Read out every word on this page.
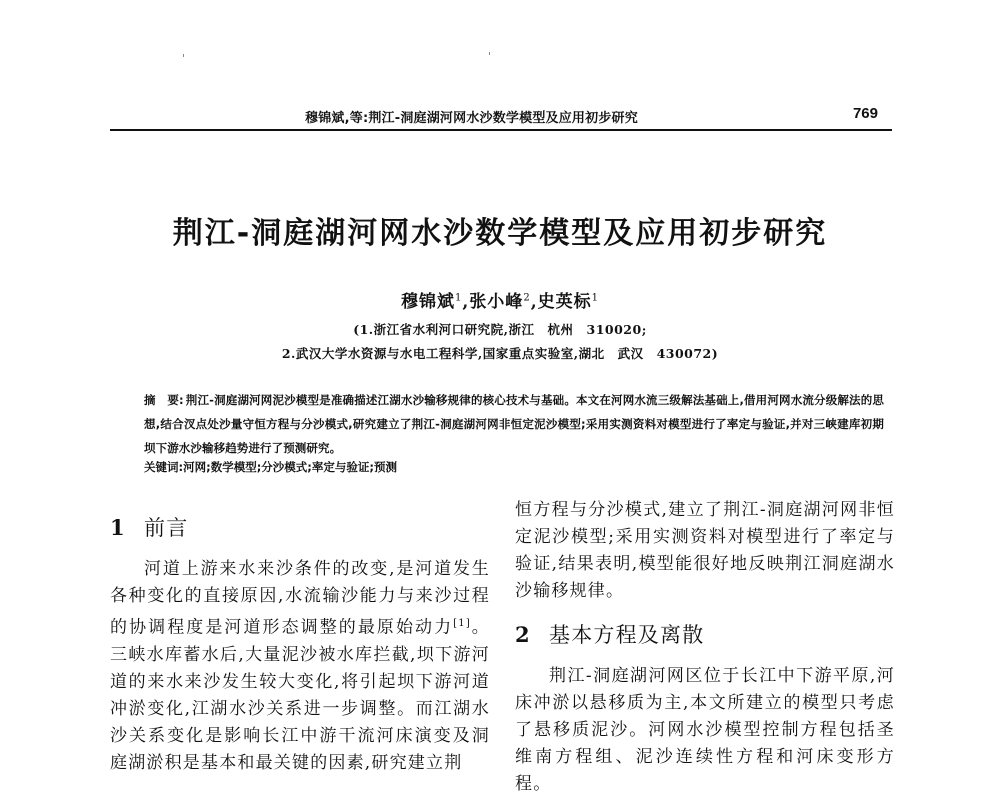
穆锦斌,等:荆江-洞庭湖河网水沙数学模型及应用初步研究	769
荆江-洞庭湖河网水沙数学模型及应用初步研究
穆锦斌$^1$,张小峰$^2$,史英标$^1$
(1.浙江省水利河口研究院,浙江　杭州　310020;
2.武汉大学水资源与水电工程科学,国家重点实验室,湖北　武汉　430072)

摘　要: 荆江-洞庭湖河网泥沙模型是准确描述江湖水沙输移规律的核心技术与基础。本文在河网水流三级解法基础上,借用河网水流分级解法的思想,结合汊点处沙量守恒方程与分沙模式,研究建立了荆江-洞庭湖河网非恒定泥沙模型;采用实测资料对模型进行了率定与验证,并对三峡建库初期坝下游水沙输移趋势进行了预测研究。

关键词:河网;数学模型;分沙模式;率定与验证;预测
1 前言

河道上游来水来沙条件的改变,是河道发生各种变化的直接原因,水流输沙能力与来沙过程的协调程度是河道形态调整的最原始动力[1]。三峡水库蓄水后,大量泥沙被水库拦截,坝下游河道的来水来沙发生较大变化,将引起坝下游河道冲淤变化,江湖水沙关系进一步调整。而江湖水沙关系变化是影响长江中游干流河床演变及洞庭湖淤积是基本和最关键的因素,研究建立荆

恒方程与分沙模式,建立了荆江-洞庭湖河网非恒定泥沙模型;采用实测资料对模型进行了率定与验证,结果表明,模型能很好地反映荆江洞庭湖水沙输移规律。

2 基本方程及离散

荆江-洞庭湖河网区位于长江中下游平原,河床冲淤以悬移质为主,本文所建立的模型只考虑了悬移质泥沙。河网水沙模型控制方程包括圣维南方程组、泥沙连续性方程和河床变形方程。
